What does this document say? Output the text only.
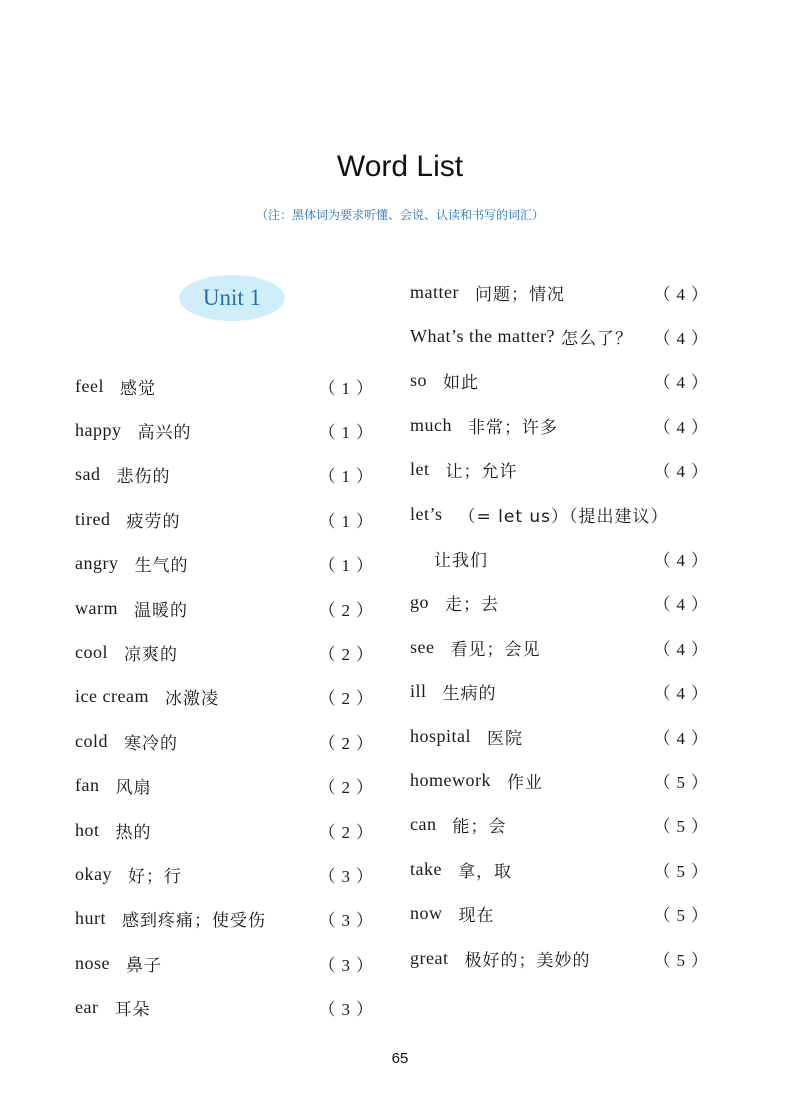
Word List
（注：黑体词为要求听懂、会说、认读和书写的词汇）
Unit 1
feel 感觉	（1）
happy 高兴的	（1）
sad 悲伤的	（1）
tired 疲劳的	（1）
angry 生气的	（1）
warm 温暖的	（2）
cool 凉爽的	（2）
ice cream 冰激凌	（2）
cold 寒冷的	（2）
fan 风扇	（2）
hot 热的	（2）
okay 好；行	（3）
hurt 感到疼痛；使受伤	（3）
nose 鼻子	（3）
ear 耳朵	（3）
matter 问题；情况	（4）
What’s the matter? 怎么了？ （4）
so 如此	（4）
much 非常；许多	（4）
let 让；允许	（4）
let’s （= let us）（提出建议）
让我们	（4）
go 走；去	（4）
see 看见；会见	（4）
ill 生病的	（4）
hospital 医院	（4）
homework 作业	（5）
can 能；会	（5）
take 拿，取	（5）
now 现在	（5）
great 极好的；美妙的	（5）
65
